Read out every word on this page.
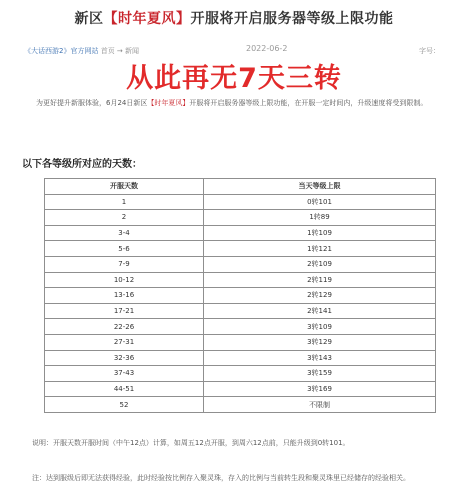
新区【时年夏风】开服将开启服务器等级上限功能
《大话西游2》官方网站 首页 → 新闻	2022-06-2	字号：
从此再无7天三转
为更好提升新服体验，6月24日新区【时年夏风】开服将开启服务器等级上限功能，在开服一定时间内，升级速度将受到限制。
以下各等级所对应的天数：
开服天数	当天等级上限
1	0转101
2	1转89
3-4	1转109
5-6	1转121
7-9	2转109
10-12	2转119
13-16	2转129
17-21	2转141
22-26	3转109
27-31	3转129
32-36	3转143
37-43	3转159
44-51	3转169
52	不限制
说明：开服天数开服时间（中午12点）计算，如周五12点开服，到周六12点前，只能升级到0转101。
注：达到服级后即无法获得经验，此时经验按比例存入聚灵珠，存入的比例与当前转生段和聚灵珠里已经储存的经验相关。
